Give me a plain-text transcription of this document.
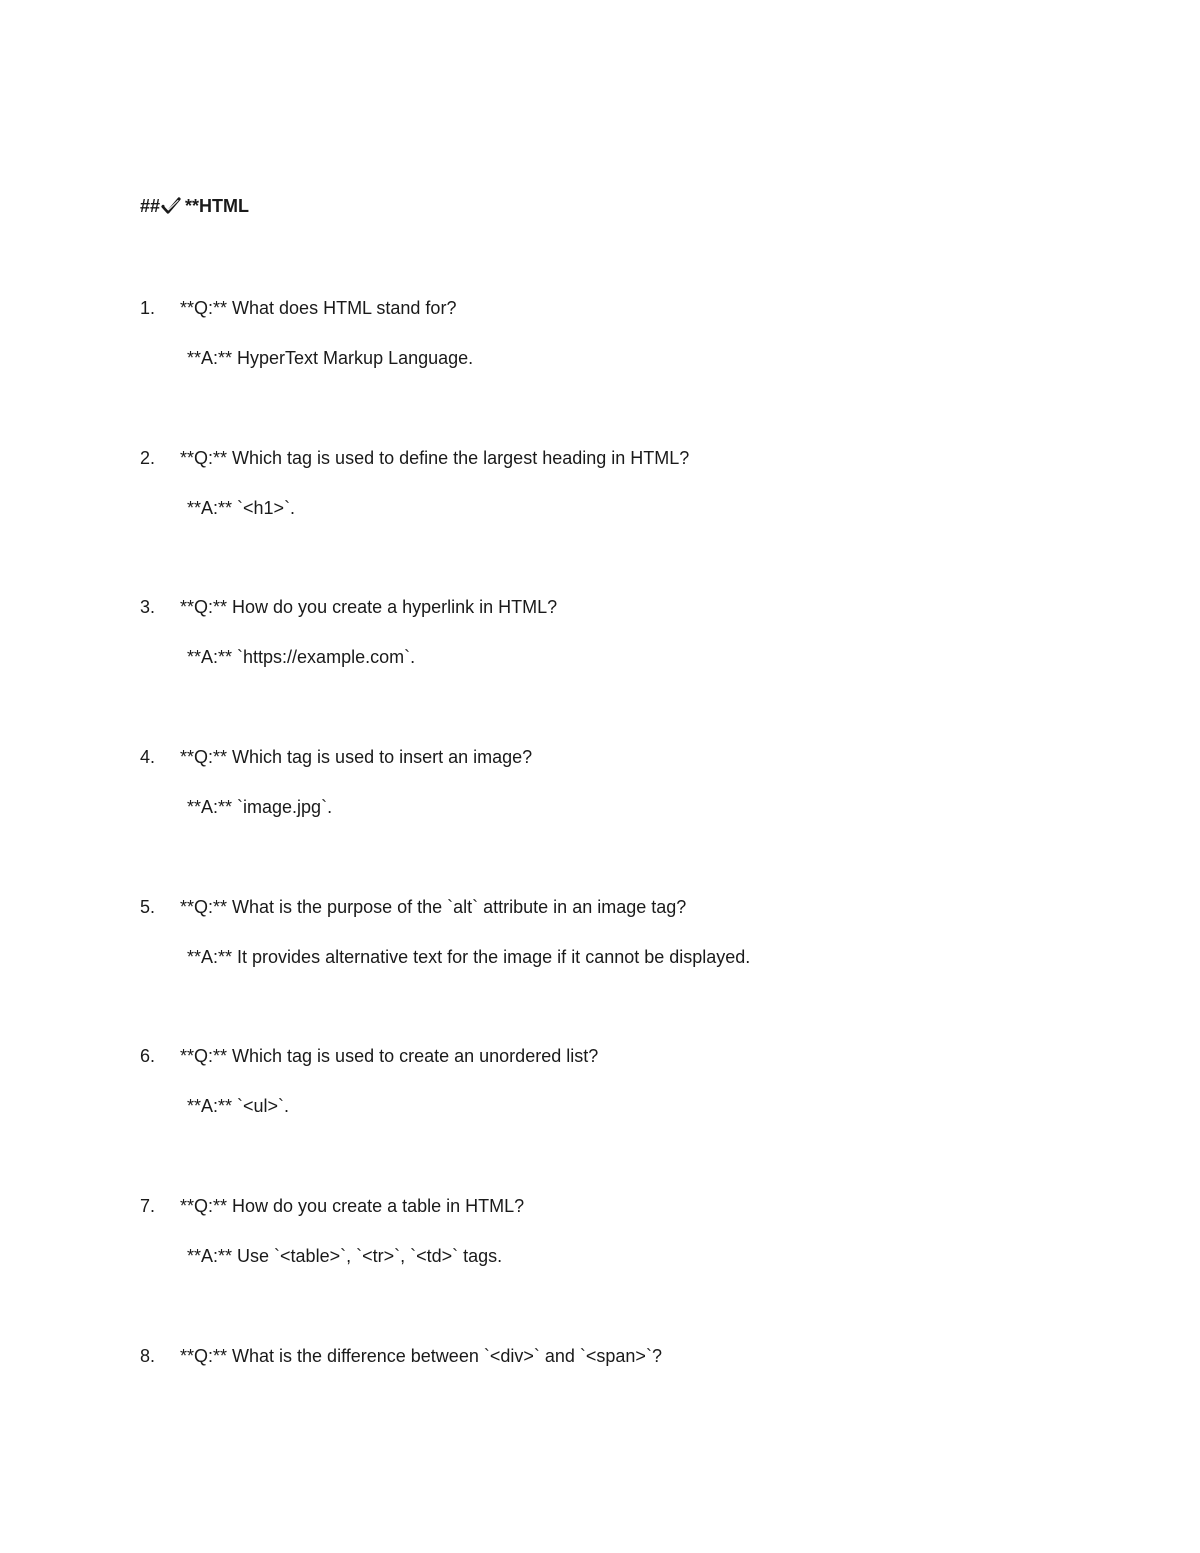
## **HTML
1.	**Q:** What does HTML stand for?
**A:** HyperText Markup Language.
2.	**Q:** Which tag is used to define the largest heading in HTML?
**A:** `<h1>`.
3.	**Q:** How do you create a hyperlink in HTML?
**A:** `https://example.com`.
4.	**Q:** Which tag is used to insert an image?
**A:** `image.jpg`.
5.	**Q:** What is the purpose of the `alt` attribute in an image tag?
**A:** It provides alternative text for the image if it cannot be displayed.
6.	**Q:** Which tag is used to create an unordered list?
**A:** `<ul>`.
7.	**Q:** How do you create a table in HTML?
**A:** Use `<table>`, `<tr>`, `<td>` tags.
8.	**Q:** What is the difference between `<div>` and `<span>`?
